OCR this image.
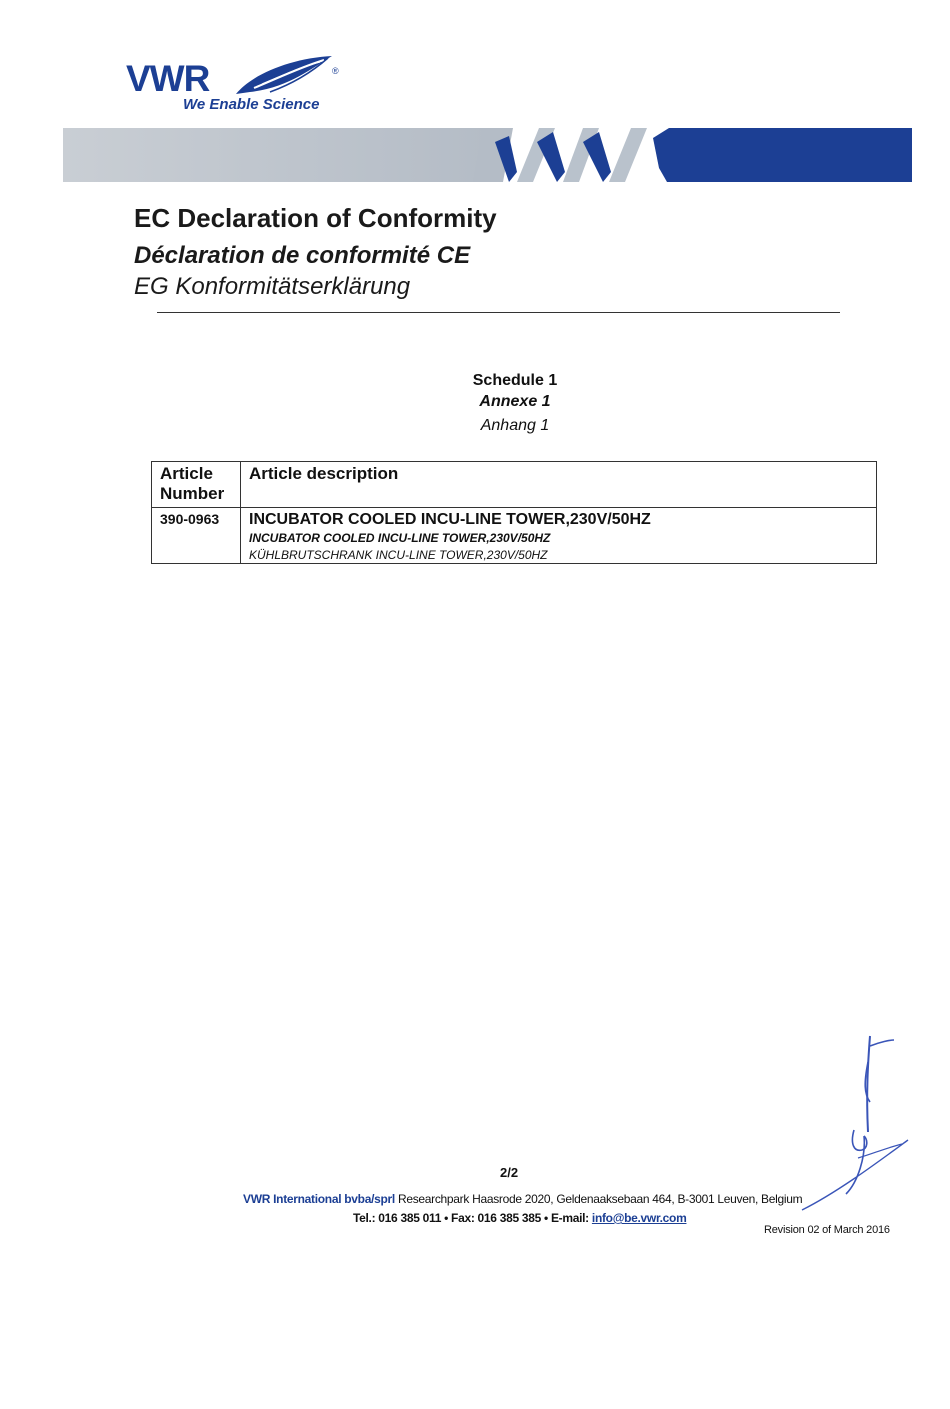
VWR	®
We Enable Science
EC Declaration of Conformity
Déclaration de conformité CE
EG Konformitätserklärung
Schedule 1
Annexe 1
Anhang 1
Article
Number	Article description

390-0963	INCUBATOR COOLED INCU-LINE TOWER,230V/50HZ
INCUBATOR COOLED INCU-LINE TOWER,230V/50HZ
KÜHLBRUTSCHRANK INCU-LINE TOWER,230V/50HZ
2/2
VWR International bvba/sprl Researchpark Haasrode 2020, Geldenaaksebaan 464, B-3001 Leuven, Belgium
Tel.: 016 385 011 • Fax: 016 385 385 • E-mail: info@be.vwr.com
Revision 02 of March 2016
